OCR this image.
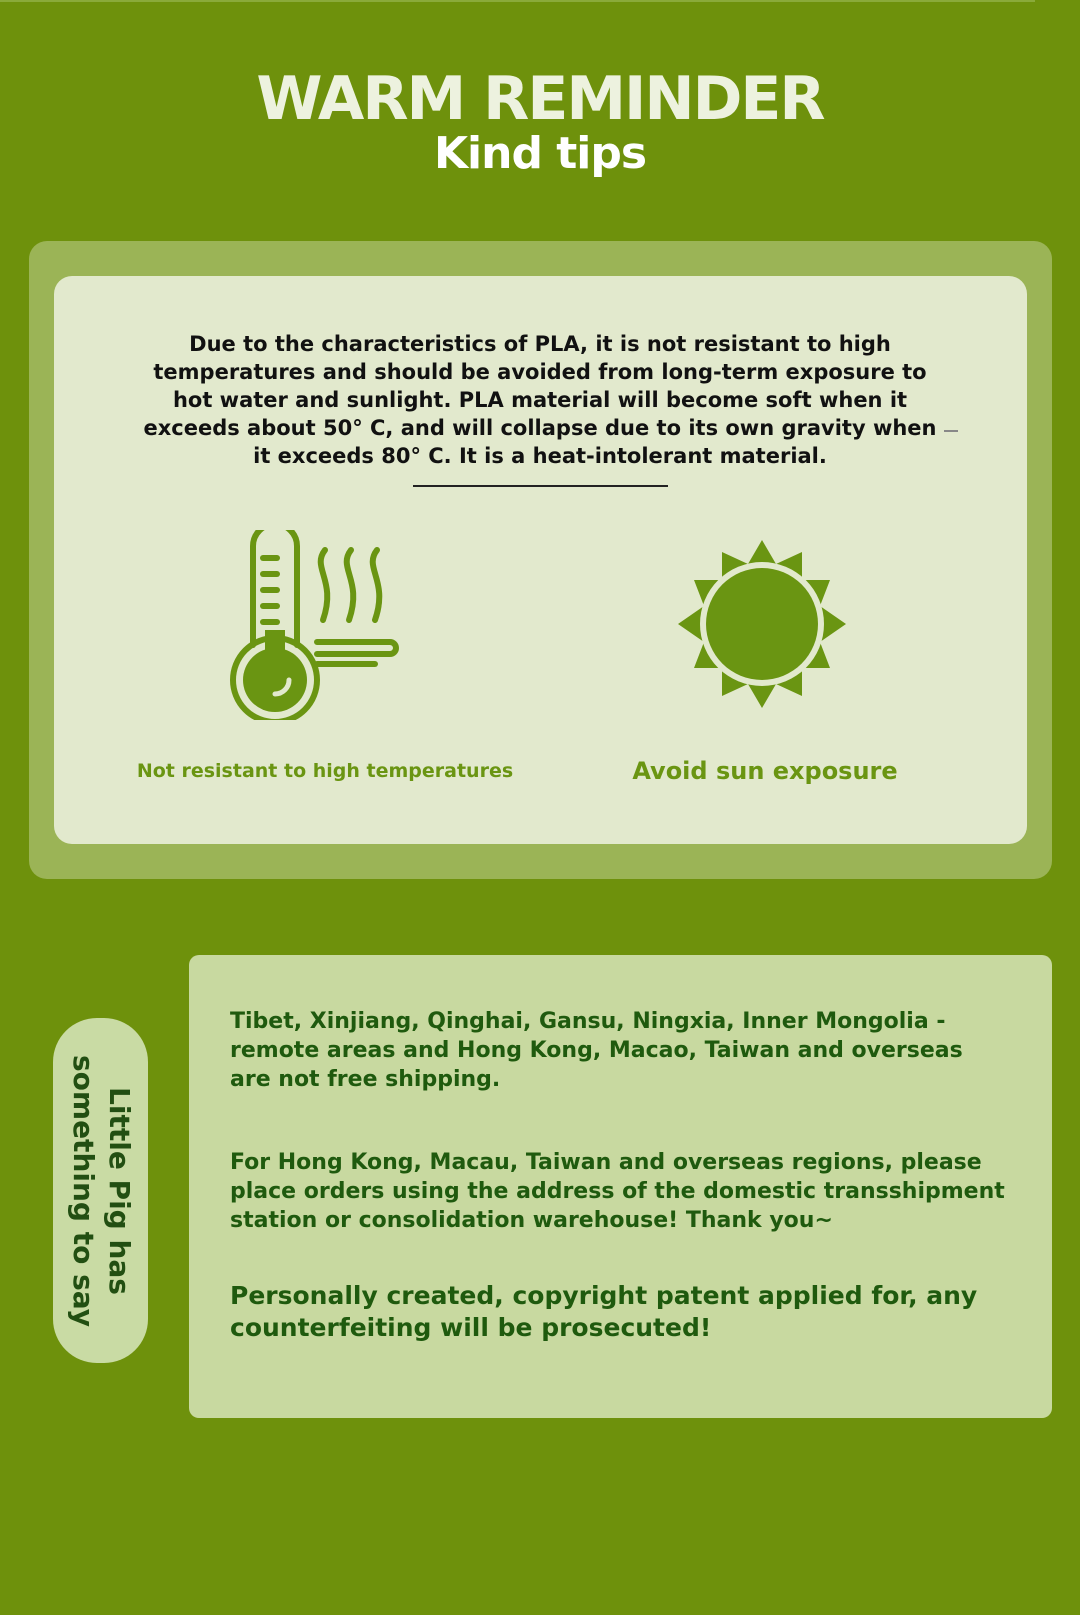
WARM REMINDER
Kind tips
Due to the characteristics of PLA, it is not resistant to high
temperatures and should be avoided from long-term exposure to
hot water and sunlight. PLA material will become soft when it
exceeds about 50° C, and will collapse due to its own gravity when
it exceeds 80° C. It is a heat-intolerant material.
Not resistant to high temperatures	Avoid sun exposure
Little Pig has
something to say
Tibet, Xinjiang, Qinghai, Gansu, Ningxia, Inner Mongolia -
remote areas and Hong Kong, Macao, Taiwan and overseas
are not free shipping.
For Hong Kong, Macau, Taiwan and overseas regions, please
place orders using the address of the domestic transshipment
station or consolidation warehouse! Thank you~
Personally created, copyright patent applied for, any
counterfeiting will be prosecuted!
